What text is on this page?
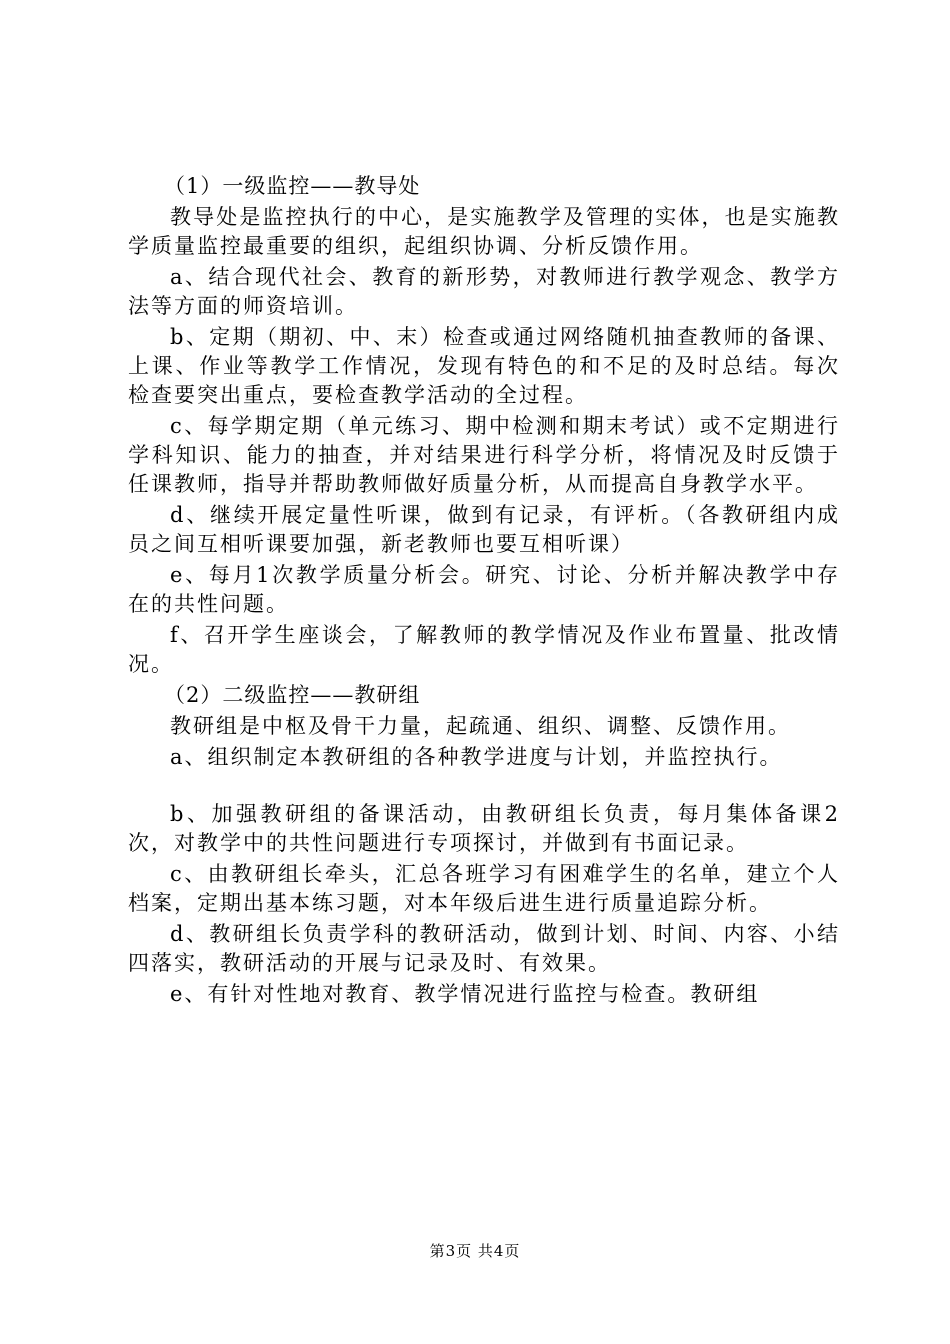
（1）一级监控——教导处

教导处是监控执行的中心，是实施教学及管理的实体，也是实施教学质量监控最重要的组织，起组织协调、分析反馈作用。

a、结合现代社会、教育的新形势，对教师进行教学观念、教学方法等方面的师资培训。

b、定期（期初、中、末）检查或通过网络随机抽查教师的备课、上课、作业等教学工作情况，发现有特色的和不足的及时总结。每次检查要突出重点，要检查教学活动的全过程。

c、每学期定期（单元练习、期中检测和期末考试）或不定期进行学科知识、能力的抽查，并对结果进行科学分析，将情况及时反馈于任课教师，指导并帮助教师做好质量分析，从而提高自身教学水平。

d、继续开展定量性听课，做到有记录，有评析。（各教研组内成员之间互相听课要加强，新老教师也要互相听课）

e、每月1次教学质量分析会。研究、讨论、分析并解决教学中存在的共性问题。

f、召开学生座谈会，了解教师的教学情况及作业布置量、批改情况。

（2）二级监控——教研组

教研组是中枢及骨干力量，起疏通、组织、调整、反馈作用。

a、组织制定本教研组的各种教学进度与计划，并监控执行。

b、加强教研组的备课活动，由教研组长负责，每月集体备课2次，对教学中的共性问题进行专项探讨，并做到有书面记录。

c、由教研组长牵头，汇总各班学习有困难学生的名单，建立个人档案，定期出基本练习题，对本年级后进生进行质量追踪分析。

d、教研组长负责学科的教研活动，做到计划、时间、内容、小结四落实，教研活动的开展与记录及时、有效果。

e、有针对性地对教育、教学情况进行监控与检查。教研组

第3页 共4页
